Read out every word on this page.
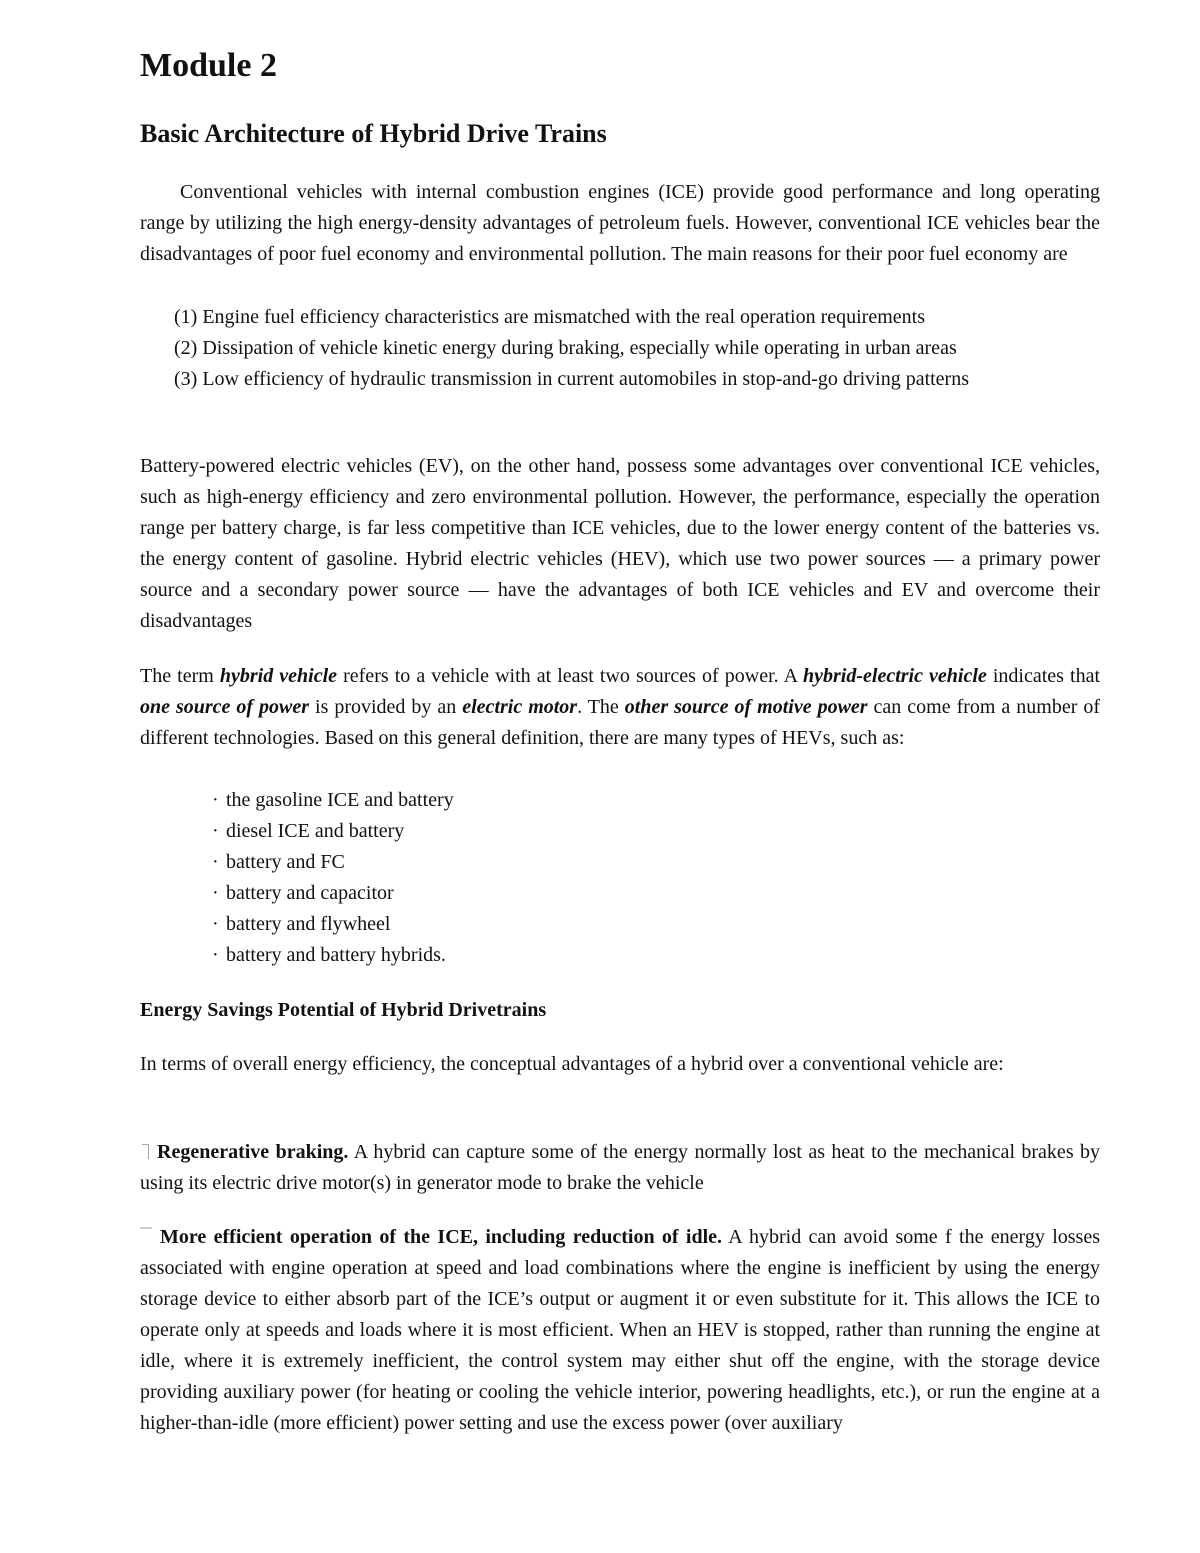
Module 2
Basic Architecture of Hybrid Drive Trains

Conventional vehicles with internal combustion engines (ICE) provide good performance and long operating range by utilizing the high energy-density advantages of petroleum fuels. However, conventional ICE vehicles bear the disadvantages of poor fuel economy and environmental pollution. The main reasons for their poor fuel economy are

(1) Engine fuel efficiency characteristics are mismatched with the real operation requirements
(2) Dissipation of vehicle kinetic energy during braking, especially while operating in urban areas
(3) Low efficiency of hydraulic transmission in current automobiles in stop-and-go driving patterns

Battery-powered electric vehicles (EV), on the other hand, possess some advantages over conventional ICE vehicles, such as high-energy efficiency and zero environmental pollution. However, the performance, especially the operation range per battery charge, is far less competitive than ICE vehicles, due to the lower energy content of the batteries vs. the energy content of gasoline. Hybrid electric vehicles (HEV), which use two power sources — a primary power source and a secondary power source — have the advantages of both ICE vehicles and EV and overcome their disadvantages

The term hybrid vehicle refers to a vehicle with at least two sources of power. A hybrid-electric vehicle indicates that one source of power is provided by an electric motor. The other source of motive power can come from a number of different technologies. Based on this general definition, there are many types of HEVs, such as:

· the gasoline ICE and battery
· diesel ICE and battery
· battery and FC
· battery and capacitor
· battery and flywheel
· battery and battery hybrids.

Energy Savings Potential of Hybrid Drivetrains

In terms of overall energy efficiency, the conceptual advantages of a hybrid over a conventional vehicle are:

Regenerative braking. A hybrid can capture some of the energy normally lost as heat to the mechanical brakes by using its electric drive motor(s) in generator mode to brake the vehicle

More efficient operation of the ICE, including reduction of idle. A hybrid can avoid some f the energy losses associated with engine operation at speed and load combinations where the engine is inefficient by using the energy storage device to either absorb part of the ICE’s output or augment it or even substitute for it. This allows the ICE to operate only at speeds and loads where it is most efficient. When an HEV is stopped, rather than running the engine at idle, where it is extremely inefficient, the control system may either shut off the engine, with the storage device providing auxiliary power (for heating or cooling the vehicle interior, powering headlights, etc.), or run the engine at a higher-than-idle (more efficient) power setting and use the excess power (over auxiliary
